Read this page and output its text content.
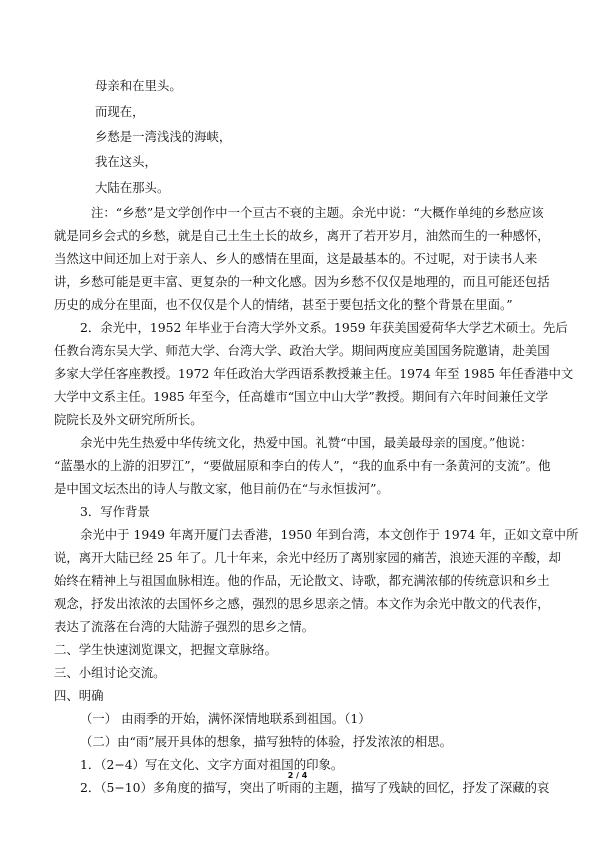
母亲和在里头。
而现在，
乡愁是一湾浅浅的海峡，
我在这头，
大陆在那头。
注：“乡愁”是文学创作中一个亘古不衰的主题。余光中说：“大概作单纯的乡愁应该
就是同乡会式的乡愁，就是自己土生土长的故乡，离开了若开岁月，油然而生的一种感怀，
当然这中间还加上对于亲人、乡人的感情在里面，这是最基本的。不过呢，对于读书人来
讲，乡愁可能是更丰富、更复杂的一种文化感。因为乡愁不仅仅是地理的，而且可能还包括
历史的成分在里面，也不仅仅是个人的情绪，甚至于要包括文化的整个背景在里面。”
2．余光中，1952 年毕业于台湾大学外文系。1959 年获美国爱荷华大学艺术硕士。先后
任教台湾东吴大学、师范大学、台湾大学、政治大学。期间两度应美国国务院邀请，赴美国
多家大学任客座教授。1972 年任政治大学西语系教授兼主任。1974 年至 1985 年任香港中文
大学中文系主任。1985 年至今，任高雄市“国立中山大学”教授。期间有六年时间兼任文学
院院长及外文研究所所长。
余光中先生热爱中华传统文化，热爱中国。礼赞“中国，最美最母亲的国度。”他说：
“蓝墨水的上游的汨罗江”，“要做屈原和李白的传人”，“我的血系中有一条黄河的支流”。他
是中国文坛杰出的诗人与散文家，他目前仍在“与永恒拔河”。
3．写作背景
余光中于 1949 年离开厦门去香港，1950 年到台湾，本文创作于 1974 年，正如文章中所
说，离开大陆已经 25 年了。几十年来，余光中经历了离别家园的痛苦，浪迹天涯的辛酸，却
始终在精神上与祖国血脉相连。他的作品，无论散文、诗歌，都充满浓郁的传统意识和乡土
观念，抒发出浓浓的去国怀乡之感，强烈的思乡思亲之情。本文作为余光中散文的代表作，
表达了流落在台湾的大陆游子强烈的思乡之情。
二、学生快速浏览课文，把握文章脉络。
三、小组讨论交流。
四、明确
（一） 由雨季的开始，满怀深情地联系到祖国。（1）
（二）由“雨”展开具体的想象，描写独特的体验，抒发浓浓的相思。
1．（2−4）写在文化、文字方面对祖国的印象。
2．（5−10）多角度的描写，突出了听雨的主题，描写了残缺的回忆，抒发了深藏的哀
2 / 4
